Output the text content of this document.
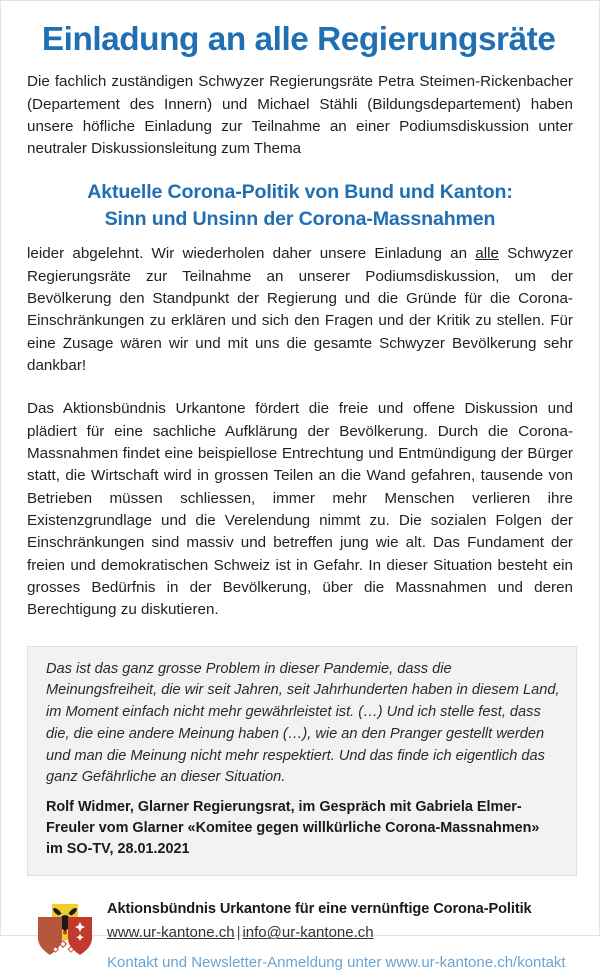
Einladung an alle Regierungsräte

Die fachlich zuständigen Schwyzer Regierungsräte Petra Steimen-Rickenbacher (Departement des Innern) und Michael Stähli (Bildungsdepartement) haben unsere höfliche Einladung zur Teilnahme an einer Podiumsdiskussion unter neutraler Diskussionsleitung zum Thema

Aktuelle Corona-Politik von Bund und Kanton:
Sinn und Unsinn der Corona-Massnahmen

leider abgelehnt. Wir wiederholen daher unsere Einladung an alle Schwyzer Regierungsräte zur Teilnahme an unserer Podiumsdiskussion, um der Bevölkerung den Standpunkt der Regierung und die Gründe für die Corona-Einschränkungen zu erklären und sich den Fragen und der Kritik zu stellen. Für eine Zusage wären wir und mit uns die gesamte Schwyzer Bevölkerung sehr dankbar!

Das Aktionsbündnis Urkantone fördert die freie und offene Diskussion und plädiert für eine sachliche Aufklärung der Bevölkerung. Durch die Corona-Massnahmen findet eine beispiellose Entrechtung und Entmündigung der Bürger statt, die Wirtschaft wird in grossen Teilen an die Wand gefahren, tausende von Betrieben müssen schliessen, immer mehr Menschen verlieren ihre Existenzgrundlage und die Verelendung nimmt zu. Die sozialen Folgen der Einschränkungen sind massiv und betreffen jung wie alt. Das Fundament der freien und demokratischen Schweiz ist in Gefahr. In dieser Situation besteht ein grosses Bedürfnis in der Bevölkerung, über die Massnahmen und deren Berechtigung zu diskutieren.

Das ist das ganz grosse Problem in dieser Pandemie, dass die Meinungsfreiheit, die wir seit Jahren, seit Jahrhunderten haben in diesem Land, im Moment einfach nicht mehr gewährleistet ist. (…) Und ich stelle fest, dass die, die eine andere Meinung haben (…), wie an den Pranger gestellt werden und man die Meinung nicht mehr respektiert. Und das finde ich eigentlich das ganz Gefährliche an dieser Situation.

Rolf Widmer, Glarner Regierungsrat, im Gespräch mit Gabriela Elmer-Freuler vom Glarner «Komitee gegen willkürliche Corona-Massnahmen» im SO-TV, 28.01.2021

Aktionsbündnis Urkantone für eine vernünftige Corona-Politik

www.ur-kantone.ch | info@ur-kantone.ch

Kontakt und Newsletter-Anmeldung unter www.ur-kantone.ch/kontakt
